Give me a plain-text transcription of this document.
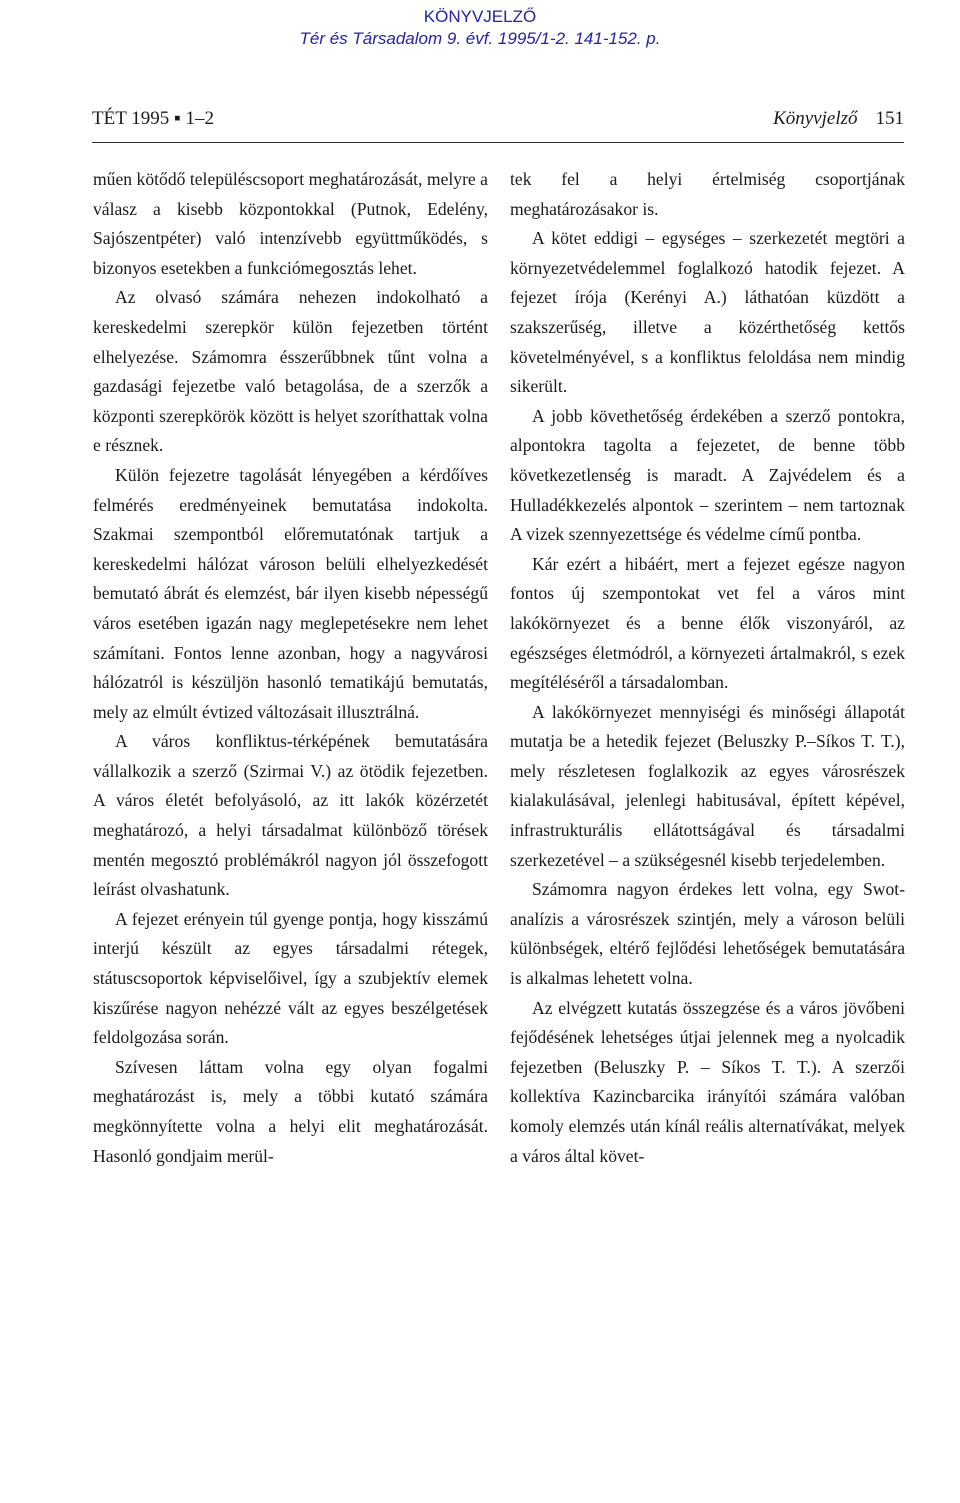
KÖNYVJELZŐ
Tér és Társadalom 9. évf. 1995/1-2. 141-152. p.
TÉT 1995 ▪ 1–2	Könyvjelző 151

műen kötődő településcsoport meghatározását, melyre a válasz a kisebb központokkal (Putnok, Edelény, Sajószentpéter) való intenzívebb együttműködés, s bizonyos esetekben a funkciómegosztás lehet.

Az olvasó számára nehezen indokolható a kereskedelmi szerepkör külön fejezetben történt elhelyezése. Számomra ésszerűbbnek tűnt volna a gazdasági fejezetbe való betagolása, de a szerzők a központi szerepkörök között is helyet szoríthattak volna e résznek.

Külön fejezetre tagolását lényegében a kérdőíves felmérés eredményeinek bemutatása indokolta. Szakmai szempontból előremutatónak tartjuk a kereskedelmi hálózat városon belüli elhelyezkedését bemutató ábrát és elemzést, bár ilyen kisebb népességű város esetében igazán nagy meglepetésekre nem lehet számítani. Fontos lenne azonban, hogy a nagyvárosi hálózatról is készüljön hasonló tematikájú bemutatás, mely az elmúlt évtized változásait illusztrálná.

A város konfliktus-térképének bemutatására vállalkozik a szerző (Szirmai V.) az ötödik fejezetben. A város életét befolyásoló, az itt lakók közérzetét meghatározó, a helyi társadalmat különböző törések mentén megosztó problémákról nagyon jól összefogott leírást olvashatunk.

A fejezet erényein túl gyenge pontja, hogy kisszámú interjú készült az egyes társadalmi rétegek, státuscsoportok képviselőivel, így a szubjektív elemek kiszűrése nagyon nehézzé vált az egyes beszélgetések feldolgozása során.

Szívesen láttam volna egy olyan fogalmi meghatározást is, mely a többi kutató számára megkönnyítette volna a helyi elit meghatározását. Hasonló gondjaim merül-

tek fel a helyi értelmiség csoportjának meghatározásakor is.

A kötet eddigi – egységes – szerkezetét megtöri a környezetvédelemmel foglalkozó hatodik fejezet. A fejezet írója (Kerényi A.) láthatóan küzdött a szakszerűség, illetve a közérthetőség kettős követelményével, s a konfliktus feloldása nem mindig sikerült.

A jobb követhetőség érdekében a szerző pontokra, alpontokra tagolta a fejezetet, de benne több következetlenség is maradt. A Zajvédelem és a Hulladékkezelés alpontok – szerintem – nem tartoznak A vizek szennyezettsége és védelme című pontba.

Kár ezért a hibáért, mert a fejezet egésze nagyon fontos új szempontokat vet fel a város mint lakókörnyezet és a benne élők viszonyáról, az egészséges életmódról, a környezeti ártalmakról, s ezek megítéléséről a társadalomban.

A lakókörnyezet mennyiségi és minőségi állapotát mutatja be a hetedik fejezet (Beluszky P.–Síkos T. T.), mely részletesen foglalkozik az egyes városrészek kialakulásával, jelenlegi habitusával, épített képével, infrastrukturális ellátottságával és társadalmi szerkezetével – a szükségesnél kisebb terjedelemben.

Számomra nagyon érdekes lett volna, egy Swot-analízis a városrészek szintjén, mely a városon belüli különbségek, eltérő fejlődési lehetőségek bemutatására is alkalmas lehetett volna.

Az elvégzett kutatás összegzése és a város jövőbeni fejődésének lehetséges útjai jelennek meg a nyolcadik fejezetben (Beluszky P. – Síkos T. T.). A szerzői kollektíva Kazincbarcika irányítói számára valóban komoly elemzés után kínál reális alternatívákat, melyek a város által követ-
